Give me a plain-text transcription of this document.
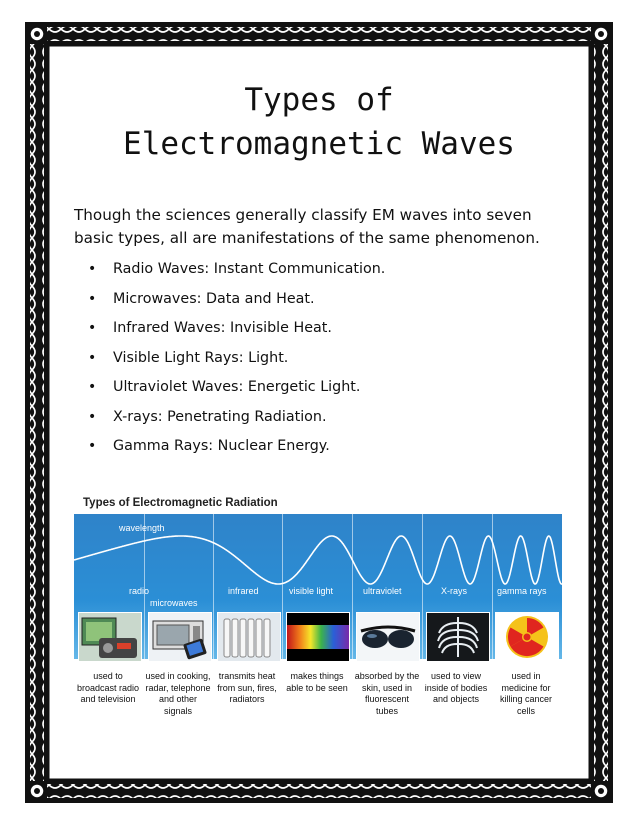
Types of
Electromagnetic Waves

Though the sciences generally classify EM waves into seven basic types, all are manifestations of the same phenomenon.

• Radio Waves: Instant Communication.
• Microwaves: Data and Heat.
• Infrared Waves: Invisible Heat.
• Visible Light Rays: Light.
• Ultraviolet Waves: Energetic Light.
• X-rays: Penetrating Radiation.
• Gamma Rays: Nuclear Energy.

Types of Electromagnetic Radiation

wavelength
radio
microwaves
infrared	visible light	ultraviolet	X-rays	gamma rays
used to broadcast radio and television
used in cooking, radar, telephone and other signals
transmits heat from sun, fires, radiators
makes things able to be seen
absorbed by the skin, used in fluorescent tubes
used to view inside of bodies and objects
used in medicine for killing cancer cells
